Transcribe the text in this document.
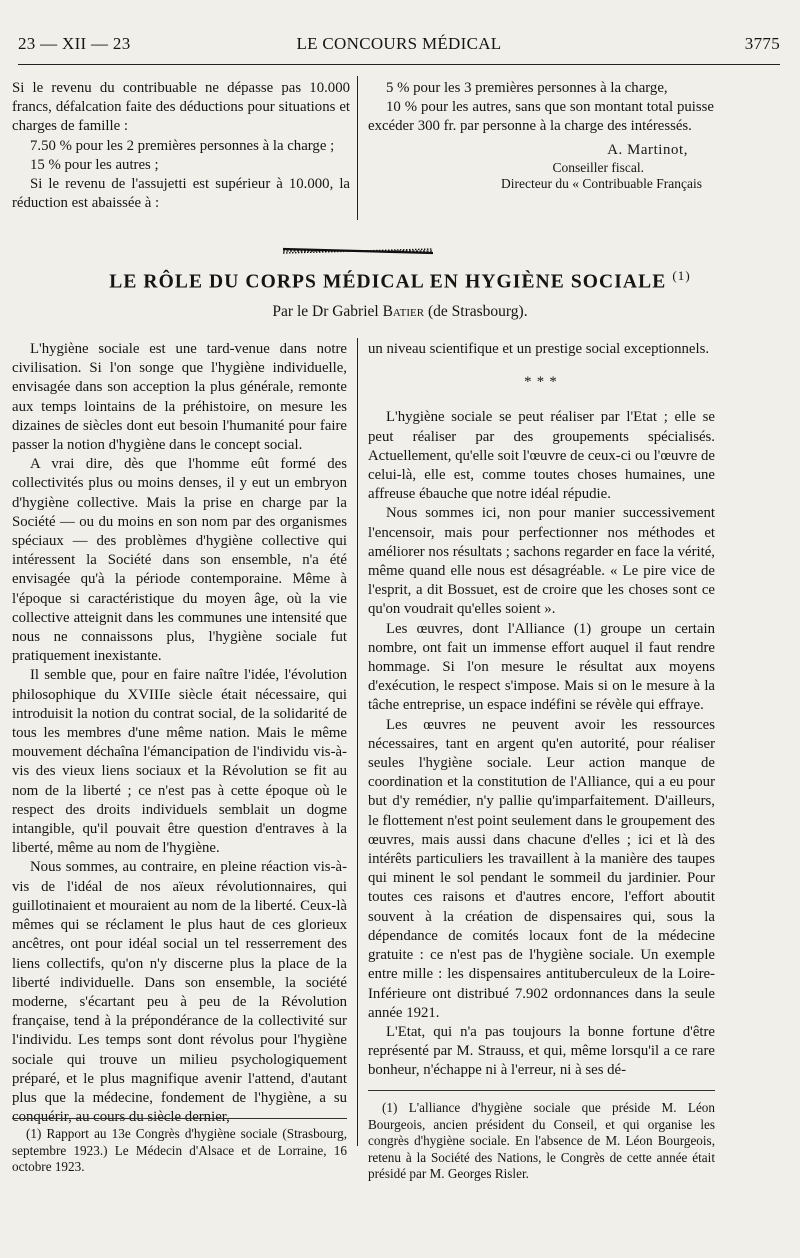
23 — XII — 23	LE CONCOURS MÉDICAL	3775

Si le revenu du contribuable ne dépasse pas 10.000 francs, défalcation faite des déductions pour situations et charges de famille :

7.50 % pour les 2 premières personnes à la charge ;

15 % pour les autres ;

Si le revenu de l'assujetti est supérieur à 10.000, la réduction est abaissée à :

5 % pour les 3 premières personnes à la charge,

10 % pour les autres, sans que son montant total puisse excéder 300 fr. par personne à la charge des intéressés.

A. Martinot,
Conseiller fiscal.
Directeur du « Contribuable Français
LE RÔLE DU CORPS MÉDICAL EN HYGIÈNE SOCIALE $^{(1)}$
Par le Dr Gabriel Batier (de Strasbourg).

L'hygiène sociale est une tard-venue dans notre civilisation. Si l'on songe que l'hygiène individuelle, envisagée dans son acception la plus générale, remonte aux temps lointains de la préhistoire, on mesure les dizaines de siècles dont eut besoin l'humanité pour faire passer la notion d'hygiène dans le concept social.

A vrai dire, dès que l'homme eût formé des collectivités plus ou moins denses, il y eut un embryon d'hygiène collective. Mais la prise en charge par la Société — ou du moins en son nom par des organismes spéciaux — des problèmes d'hygiène collective qui intéressent la Société dans son ensemble, n'a été envisagée qu'à la période contemporaine. Même à l'époque si caractéristique du moyen âge, où la vie collective atteignit dans les communes une intensité que nous ne connaissons plus, l'hygiène sociale fut pratiquement inexistante.

Il semble que, pour en faire naître l'idée, l'évolution philosophique du XVIIIe siècle était nécessaire, qui introduisit la notion du contrat social, de la solidarité de tous les membres d'une même nation. Mais le même mouvement déchaîna l'émancipation de l'individu vis-à-vis des vieux liens sociaux et la Révolution se fit au nom de la liberté ; ce n'est pas à cette époque où le respect des droits individuels semblait un dogme intangible, qu'il pouvait être question d'entraves à la liberté, même au nom de l'hygiène.

Nous sommes, au contraire, en pleine réaction vis-à-vis de l'idéal de nos aïeux révolutionnaires, qui guillotinaient et mouraient au nom de la liberté. Ceux-là mêmes qui se réclament le plus haut de ces glorieux ancêtres, ont pour idéal social un tel resserrement des liens collectifs, qu'on n'y discerne plus la place de la liberté individuelle. Dans son ensemble, la société moderne, s'écartant peu à peu de la Révolution française, tend à la prépondérance de la collectivité sur l'individu. Les temps sont dont révolus pour l'hygiène sociale qui trouve un milieu psychologiquement préparé, et le plus magnifique avenir l'attend, d'autant plus que la médecine, fondement de l'hygiène, a su conquérir, au cours du siècle dernier,

un niveau scientifique et un prestige social exceptionnels.

* * *

L'hygiène sociale se peut réaliser par l'Etat ; elle se peut réaliser par des groupements spécialisés. Actuellement, qu'elle soit l'œuvre de ceux-ci ou l'œuvre de celui-là, elle est, comme toutes choses humaines, une affreuse ébauche que notre idéal répudie.

Nous sommes ici, non pour manier successivement l'encensoir, mais pour perfectionner nos méthodes et améliorer nos résultats ; sachons regarder en face la vérité, même quand elle nous est désagréable. « Le pire vice de l'esprit, a dit Bossuet, est de croire que les choses sont ce qu'on voudrait qu'elles soient ».

Les œuvres, dont l'Alliance (1) groupe un certain nombre, ont fait un immense effort auquel il faut rendre hommage. Si l'on mesure le résultat aux moyens d'exécution, le respect s'impose. Mais si on le mesure à la tâche entreprise, un espace indéfini se révèle qui effraye.

Les œuvres ne peuvent avoir les ressources nécessaires, tant en argent qu'en autorité, pour réaliser seules l'hygiène sociale. Leur action manque de coordination et la constitution de l'Alliance, qui a eu pour but d'y remédier, n'y pallie qu'imparfaitement. D'ailleurs, le flottement n'est point seulement dans le groupement des œuvres, mais aussi dans chacune d'elles ; ici et là des intérêts particuliers les travaillent à la manière des taupes qui minent le sol pendant le sommeil du jardinier. Pour toutes ces raisons et d'autres encore, l'effort aboutit souvent à la création de dispensaires qui, sous la dépendance de comités locaux font de la médecine gratuite : ce n'est pas de l'hygiène sociale. Un exemple entre mille : les dispensaires antituberculeux de la Loire-Inférieure ont distribué 7.902 ordonnances dans la seule année 1921.

L'Etat, qui n'a pas toujours la bonne fortune d'être représenté par M. Strauss, et qui, même lorsqu'il a ce rare bonheur, n'échappe ni à l'erreur, ni à ses dé-

(1) Rapport au 13e Congrès d'hygiène sociale (Strasbourg, septembre 1923.) Le Médecin d'Alsace et de Lorraine, 16 octobre 1923.

(1) L'alliance d'hygiène sociale que préside M. Léon Bourgeois, ancien président du Conseil, et qui organise les congrès d'hygiène sociale. En l'absence de M. Léon Bourgeois, retenu à la Société des Nations, le Congrès de cette année était présidé par M. Georges Risler.
